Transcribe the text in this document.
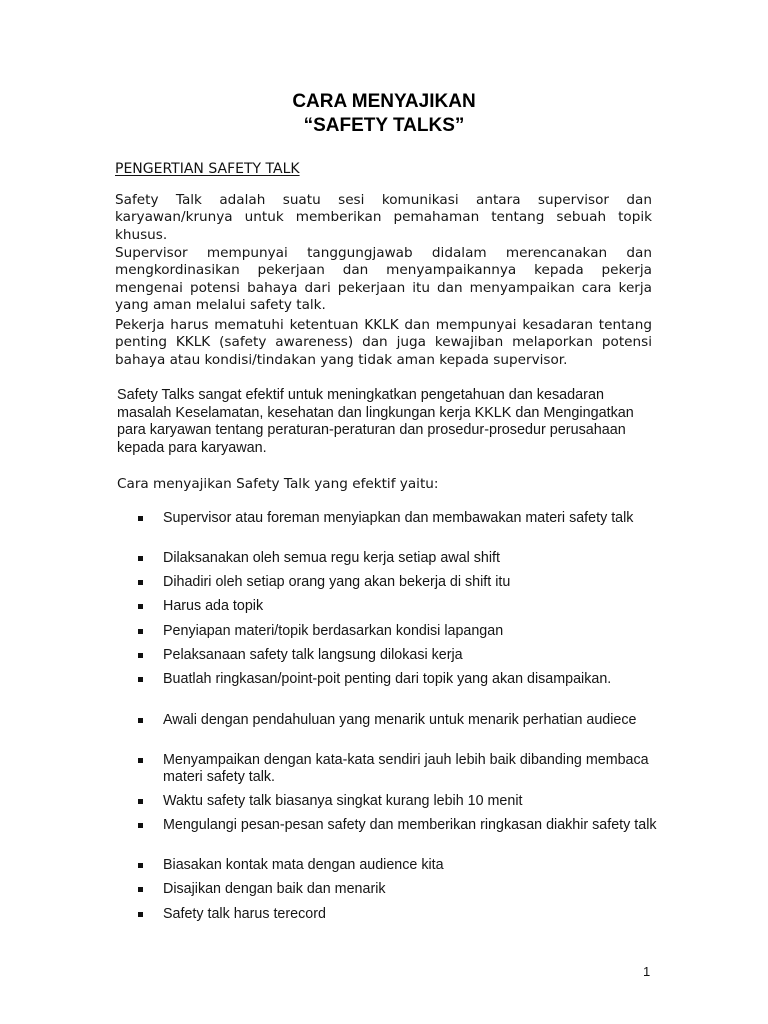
CARA MENYAJIKAN
“SAFETY TALKS”
PENGERTIAN SAFETY TALK
Safety Talk adalah suatu sesi komunikasi antara supervisor dan karyawan/krunya untuk memberikan pemahaman tentang sebuah topik khusus.
Supervisor mempunyai tanggungjawab didalam merencanakan dan mengkordinasikan pekerjaan dan menyampaikannya kepada pekerja mengenai potensi bahaya dari pekerjaan itu dan menyampaikan cara kerja yang aman melalui safety talk.
Pekerja harus mematuhi ketentuan KKLK dan mempunyai kesadaran tentang penting KKLK (safety awareness) dan juga kewajiban melaporkan potensi bahaya atau kondisi/tindakan yang tidak aman kepada supervisor.
Safety Talks sangat efektif untuk meningkatkan pengetahuan dan kesadaran masalah Keselamatan, kesehatan dan lingkungan kerja KKLK dan Mengingatkan para karyawan tentang peraturan-peraturan dan prosedur-prosedur perusahaan kepada para karyawan.
Cara menyajikan Safety Talk yang efektif yaitu:
Supervisor atau foreman menyiapkan dan membawakan materi safety talk
Dilaksanakan oleh semua regu kerja setiap awal shift
Dihadiri oleh setiap orang yang akan bekerja di shift itu
Harus ada topik
Penyiapan materi/topik berdasarkan kondisi lapangan
Pelaksanaan safety talk langsung dilokasi kerja
Buatlah ringkasan/point-poit penting dari topik yang akan disampaikan.
Awali dengan pendahuluan yang menarik untuk menarik perhatian audiece
Menyampaikan dengan kata-kata sendiri jauh lebih baik dibanding membaca materi safety talk.
Waktu safety talk biasanya singkat kurang lebih 10 menit
Mengulangi pesan-pesan safety dan memberikan ringkasan diakhir safety talk
Biasakan kontak mata dengan audience kita
Disajikan dengan baik dan menarik
Safety talk harus terecord
1
